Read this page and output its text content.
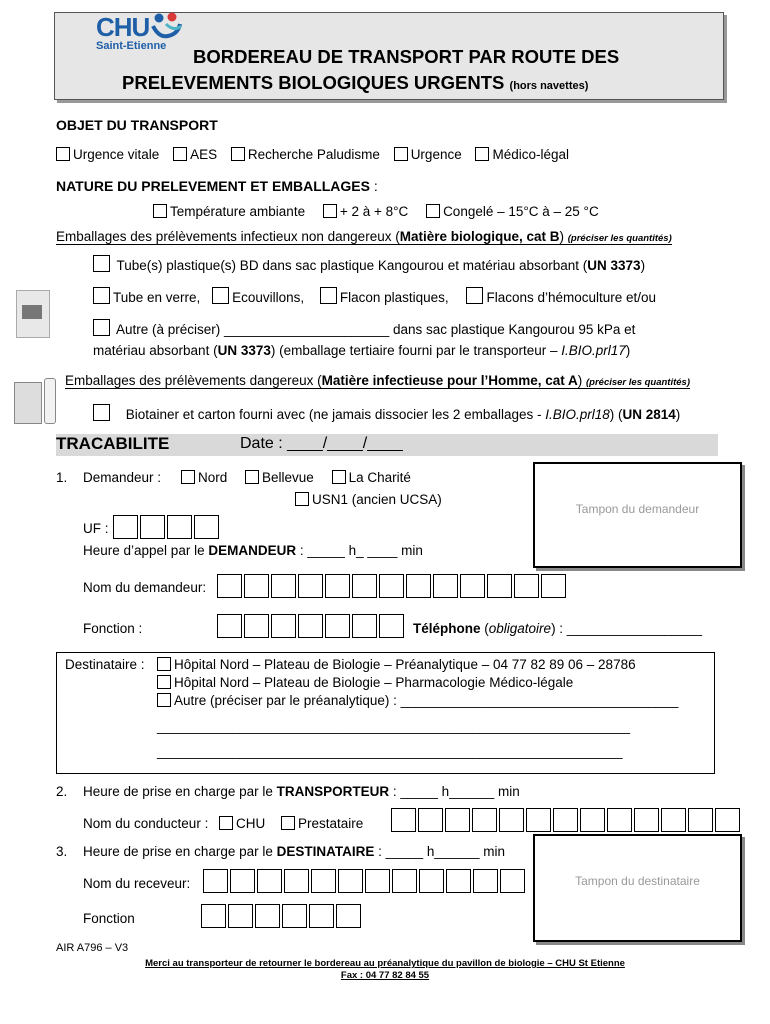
CHU
Saint-Etienne BORDEREAU DE TRANSPORT PAR ROUTE DES
PRELEVEMENTS BIOLOGIQUES URGENTS (hors navettes)
OBJET DU TRANSPORT
Urgence vitale AES Recherche Paludisme Urgence Médico-légal
NATURE DU PRELEVEMENT ET EMBALLAGES :
Température ambiante	+ 2 à + 8°C	Congelé – 15°C à – 25 °C
Emballages des prélèvements infectieux non dangereux (Matière biologique, cat B) (préciser les quantités)
Tube(s) plastique(s) BD dans sac plastique Kangourou et matériau absorbant (UN 3373)
Tube en verre, Ecouvillons,	Flacon plastiques,	Flacons d’hémoculture et/ou
Autre (à préciser) ______________________ dans sac plastique Kangourou 95 kPa et
matériau absorbant (UN 3373) (emballage tertiaire fourni par le transporteur – I.BIO.prl17)
Emballages des prélèvements dangereux (Matière infectieuse pour l’Homme, cat A) (préciser les quantités)
Biotainer et carton fourni avec (ne jamais dissocier les 2 emballages - I.BIO.prl18) (UN 2814)
TRACABILITE	Date : ____/____/____
1. Demandeur :	Nord	Bellevue	La Charité
USN1 (ancien UCSA)
Tampon du demandeur
UF :
Heure d’appel par le DEMANDEUR : _____ h_ ____ min
Nom du demandeur:
Fonction :	Téléphone (obligatoire) : __________________
Destinataire :	Hôpital Nord – Plateau de Biologie – Préanalytique – 04 77 82 89 06 – 28786
Hôpital Nord – Plateau de Biologie – Pharmacologie Médico-légale
Autre (préciser par le préanalytique) : _____________________________________
_______________________________________________________________
______________________________________________________________
2. Heure de prise en charge par le TRANSPORTEUR : _____ h______ min
Nom du conducteur :	CHU Prestataire
3. Heure de prise en charge par le DESTINATAIRE : _____ h______ min
Tampon du destinataire
Nom du receveur:
Fonction
AIR A796 – V3
Merci au transporteur de retourner le bordereau au préanalytique du pavillon de biologie – CHU St Etienne
Fax : 04 77 82 84 55
